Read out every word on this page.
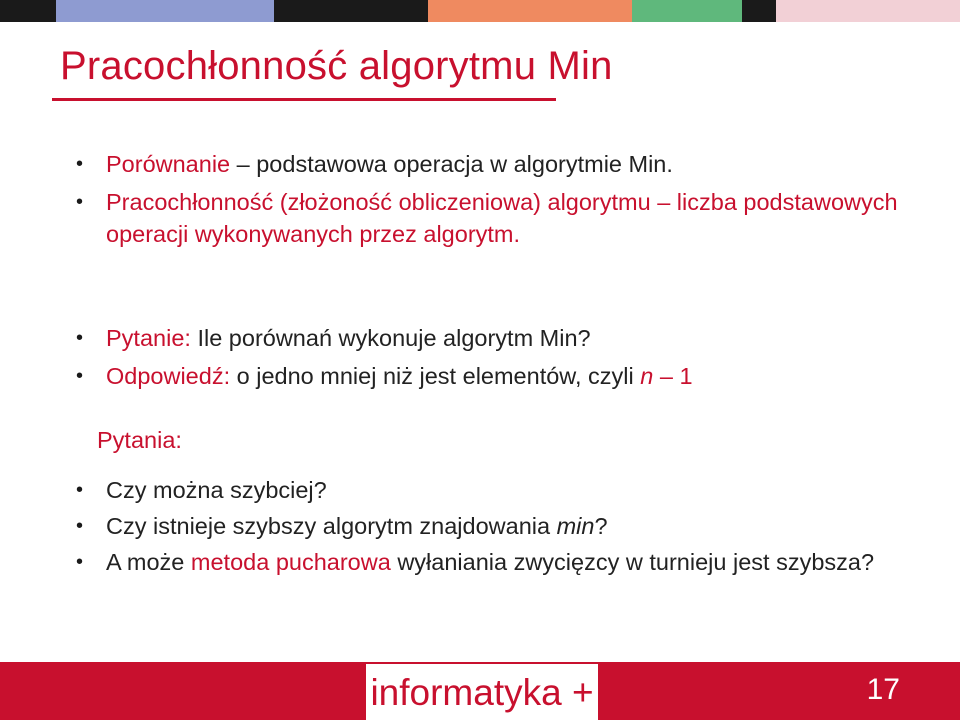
Pracochłonność algorytmu Min
• Porównanie – podstawowa operacja w algorytmie Min.
• Pracochłonność (złożoność obliczeniowa) algorytmu – liczba podstawowych operacji wykonywanych przez algorytm.
• Pytanie: Ile porównań wykonuje algorytm Min?
• Odpowiedź: o jedno mniej niż jest elementów, czyli n – 1
Pytania:
• Czy można szybciej?
• Czy istnieje szybszy algorytm znajdowania min?
• A może metoda pucharowa wyłaniania zwycięzcy w turnieju jest szybsza?
informatyka +	17
